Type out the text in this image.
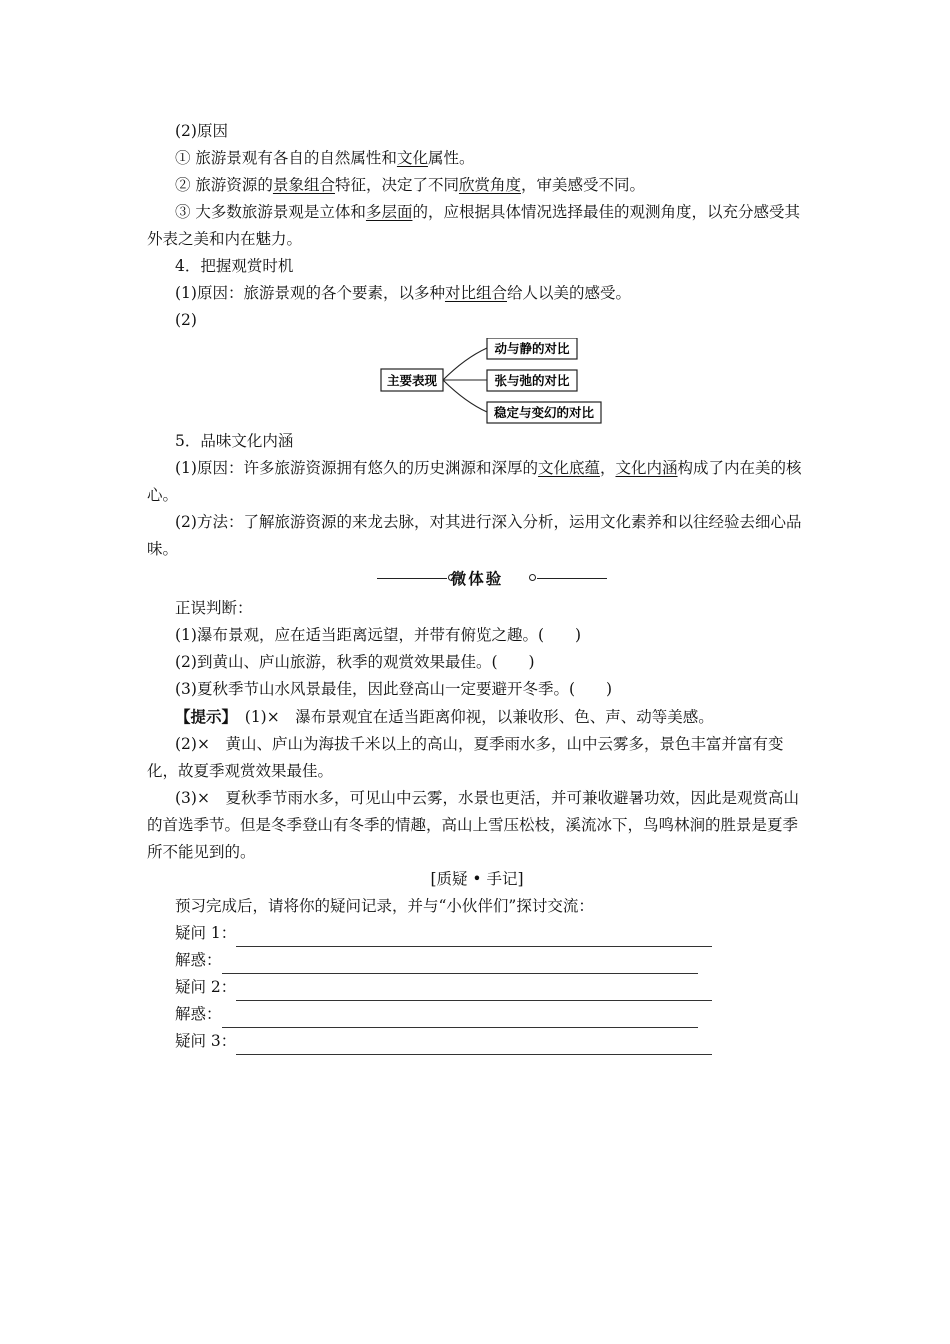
(2)原因

① 旅游景观有各自的自然属性和文化属性。

② 旅游资源的景象组合特征，决定了不同欣赏角度，审美感受不同。

③ 大多数旅游景观是立体和多层面的，应根据具体情况选择最佳的观测角度，以充分感受其外表之美和内在魅力。

4．把握观赏时机

(1)原因：旅游景观的各个要素，以多种对比组合给人以美的感受。

(2)

主要表现
动与静的对比
张与弛的对比
稳定与变幻的对比

5．品味文化内涵

(1)原因：许多旅游资源拥有悠久的历史渊源和深厚的文化底蕴，文化内涵构成了内在美的核心。

(2)方法：了解旅游资源的来龙去脉，对其进行深入分析，运用文化素养和以往经验去细心品味。

微体验

正误判断：

(1)瀑布景观，应在适当距离远望，并带有俯览之趣。(　　)

(2)到黄山、庐山旅游，秋季的观赏效果最佳。(　　)

(3)夏秋季节山水风景最佳，因此登高山一定要避开冬季。(　　)

【提示】　(1)×　瀑布景观宜在适当距离仰视，以兼收形、色、声、动等美感。

(2)×　黄山、庐山为海拔千米以上的高山，夏季雨水多，山中云雾多，景色丰富并富有变化，故夏季观赏效果最佳。

(3)×　夏秋季节雨水多，可见山中云雾，水景也更活，并可兼收避暑功效，因此是观赏高山的首选季节。但是冬季登山有冬季的情趣，高山上雪压松枝，溪流冰下，鸟鸣林涧的胜景是夏季所不能见到的。

[质疑 • 手记]

预习完成后，请将你的疑问记录，并与“小伙伴们”探讨交流：

疑问 1：
解惑：
疑问 2：
解惑：
疑问 3：
